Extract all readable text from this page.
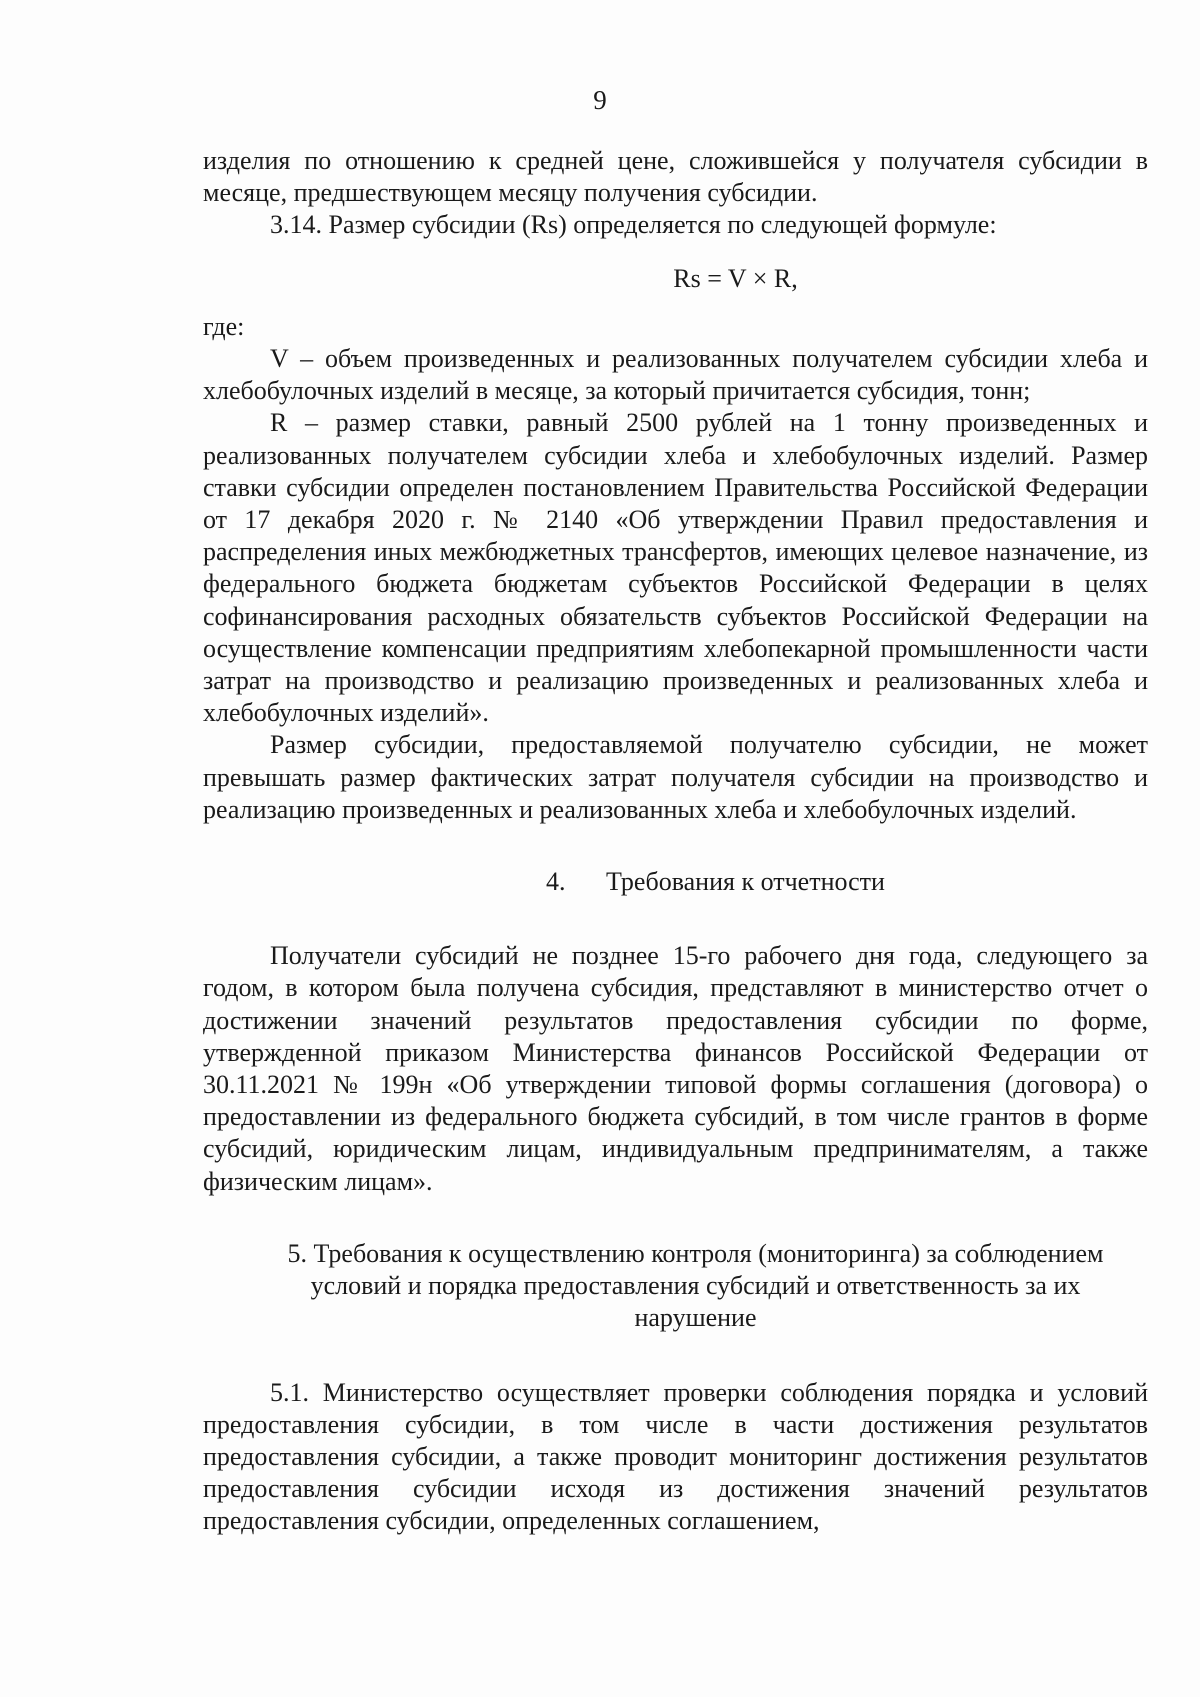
9

изделия по отношению к средней цене, сложившейся у получателя субсидии в месяце, предшествующем месяцу получения субсидии.

3.14. Размер субсидии (Rs) определяется по следующей формуле:

Rs = V × R,

где:

V – объем произведенных и реализованных получателем субсидии хлеба и хлебобулочных изделий в месяце, за который причитается субсидия, тонн;

R – размер ставки, равный 2500 рублей на 1 тонну произведенных и реализованных получателем субсидии хлеба и хлебобулочных изделий. Размер ставки субсидии определен постановлением Правительства Российской Федерации от 17 декабря 2020 г. № 2140 «Об утверждении Правил предоставления и распределения иных межбюджетных трансфертов, имеющих целевое назначение, из федерального бюджета бюджетам субъектов Российской Федерации в целях софинансирования расходных обязательств субъектов Российской Федерации на осуществление компенсации предприятиям хлебопекарной промышленности части затрат на производство и реализацию произведенных и реализованных хлеба и хлебобулочных изделий».

Размер субсидии, предоставляемой получателю субсидии, не может превышать размер фактических затрат получателя субсидии на производство и реализацию произведенных и реализованных хлеба и хлебобулочных изделий.

4. Требования к отчетности

Получатели субсидий не позднее 15-го рабочего дня года, следующего за годом, в котором была получена субсидия, представляют в министерство отчет о достижении значений результатов предоставления субсидии по форме, утвержденной приказом Министерства финансов Российской Федерации от 30.11.2021 № 199н «Об утверждении типовой формы соглашения (договора) о предоставлении из федерального бюджета субсидий, в том числе грантов в форме субсидий, юридическим лицам, индивидуальным предпринимателям, а также физическим лицам».

5. Требования к осуществлению контроля (мониторинга) за соблюдением
условий и порядка предоставления субсидий и ответственность за их
нарушение

5.1. Министерство осуществляет проверки соблюдения порядка и условий предоставления субсидии, в том числе в части достижения результатов предоставления субсидии, а также проводит мониторинг достижения результатов предоставления субсидии исходя из достижения значений результатов предоставления субсидии, определенных соглашением,
